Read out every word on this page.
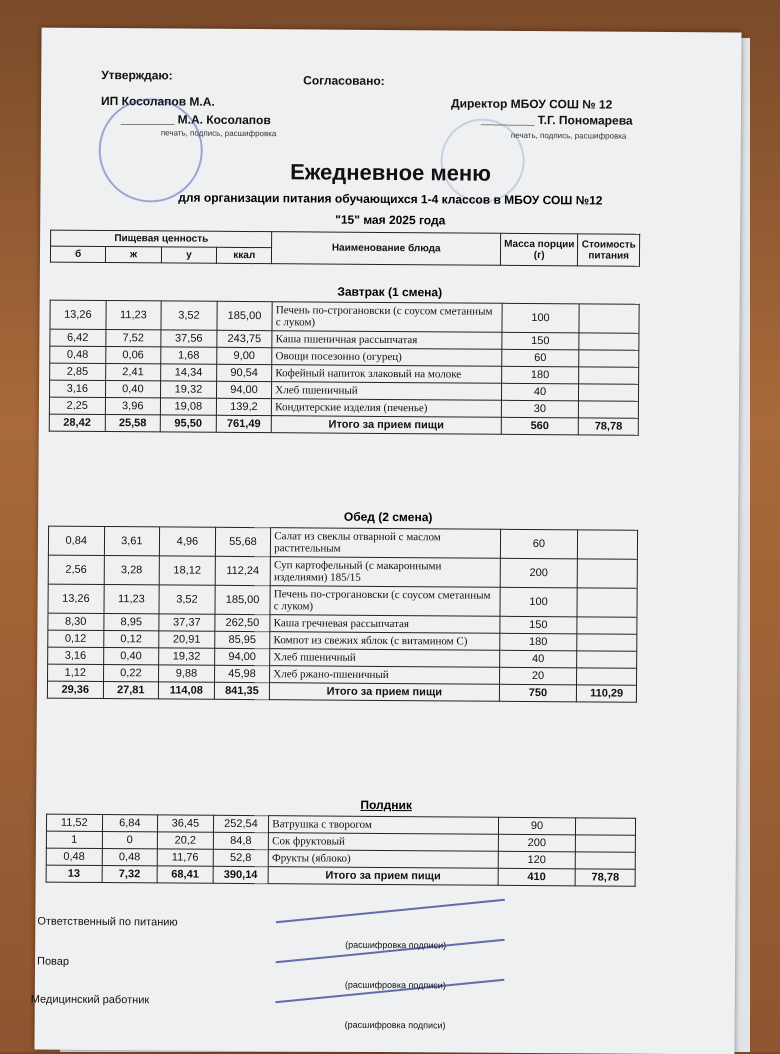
Утверждаю:
ИП Косолапов М.А.
________ М.А. Косолапов
печать, подпись, расшифровка
Согласовано:
Директор МБОУ СОШ № 12
________ Т.Г. Пономарева
печать, подпись, расшифровка
Ежедневное меню
для организации питания обучающихся 1-4 классов в МБОУ СОШ №12
"15" мая 2025 года
Пищевая ценность				Наименование блюда	Масса порции (г)	Стоимость питания
б	ж	у	ккал			
Завтрак (1 смена)
13,26	11,23	3,52	185,00	Печень по-строгановски (с соусом сметанным с луком)	100	
6,42	7,52	37,56	243,75	Каша пшеничная рассыпчатая	150	
0,48	0,06	1,68	9,00	Овощи посезонно (огурец)	60	
2,85	2,41	14,34	90,54	Кофейный напиток злаковый на молоке	180	
3,16	0,40	19,32	94,00	Хлеб пшеничный	40	
2,25	3,96	19,08	139,2	Кондитерские изделия (печенье)	30	
28,42	25,58	95,50	761,49	Итого за прием пищи	560	78,78
Обед (2 смена)
0,84	3,61	4,96	55,68	Салат из свеклы отварной с маслом растительным	60	
2,56	3,28	18,12	112,24	Суп картофельный (с макаронными изделиями) 185/15	200	
13,26	11,23	3,52	185,00	Печень по-строгановски (с соусом сметанным с луком)	100	
8,30	8,95	37,37	262,50	Каша гречневая рассыпчатая	150	
0,12	0,12	20,91	85,95	Компот из свежих яблок (с витамином С)	180	
3,16	0,40	19,32	94,00	Хлеб пшеничный	40	
1,12	0,22	9,88	45,98	Хлеб ржано-пшеничный	20	
29,36	27,81	114,08	841,35	Итого за прием пищи	750	110,29
Полдник
11,52	6,84	36,45	252,54	Ватрушка с творогом	90	
1	0	20,2	84,8	Сок фруктовый	200	
0,48	0,48	11,76	52,8	Фрукты (яблоко)	120	
13	7,32	68,41	390,14	Итого за прием пищи	410	78,78
Ответственный по питанию
(расшифровка подписи)
Повар
(расшифровка подписи)
Медицинский работник
(расшифровка подписи)
